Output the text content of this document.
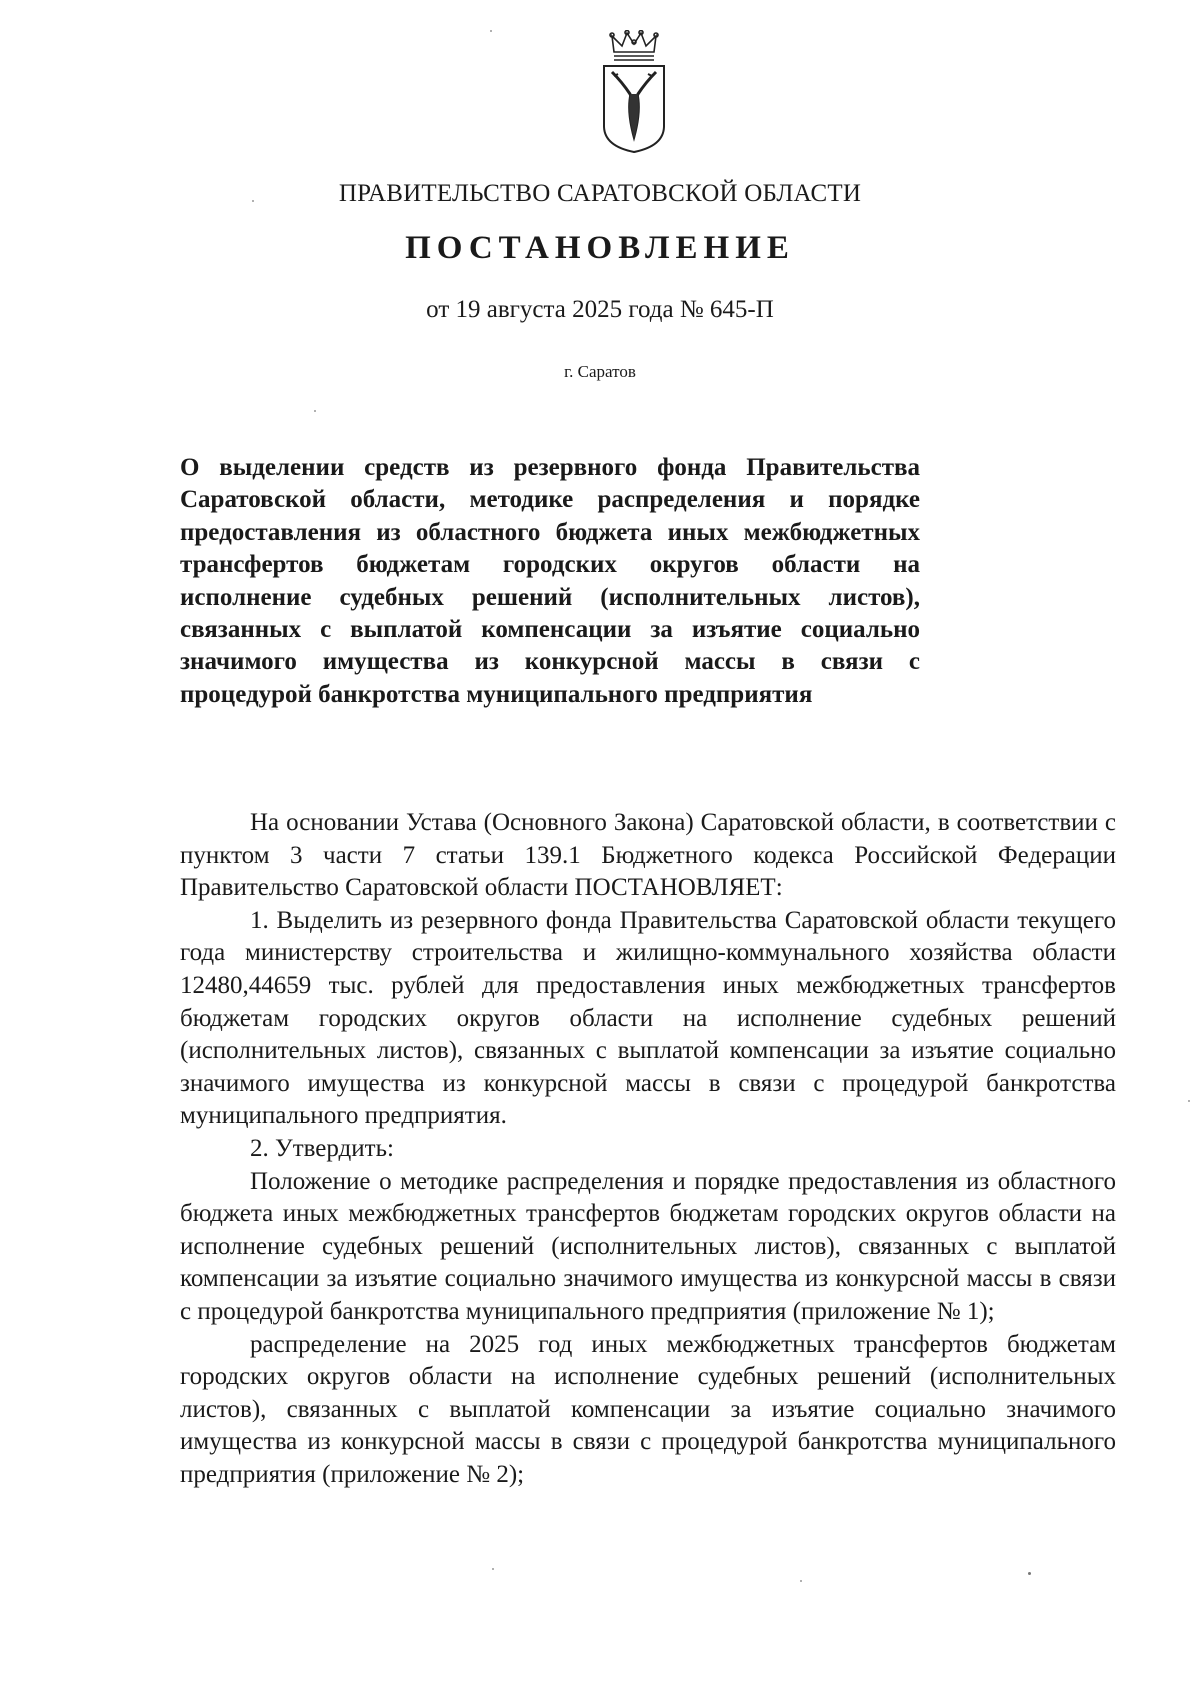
ПРАВИТЕЛЬСТВО САРАТОВСКОЙ ОБЛАСТИ
ПОСТАНОВЛЕНИЕ
от 19 августа 2025 года № 645-П
г. Саратов
О выделении средств из резервного фонда Правительства Саратовской области, методике распределения и порядке предоставления из областного бюджета иных межбюджетных трансфертов бюджетам городских округов области на исполнение судебных решений (исполнительных листов), связанных с выплатой компенсации за изъятие социально значимого имущества из конкурсной массы в связи с процедурой банкротства муниципального предприятия

На основании Устава (Основного Закона) Саратовской области, в соответствии с пунктом 3 части 7 статьи 139.1 Бюджетного кодекса Российской Федерации Правительство Саратовской области ПОСТАНОВЛЯЕТ:

1. Выделить из резервного фонда Правительства Саратовской области текущего года министерству строительства и жилищно-коммунального хозяйства области 12480,44659 тыс. рублей для предоставления иных межбюджетных трансфертов бюджетам городских округов области на исполнение судебных решений (исполнительных листов), связанных с выплатой компенсации за изъятие социально значимого имущества из конкурсной массы в связи с процедурой банкротства муниципального предприятия.

2. Утвердить:

Положение о методике распределения и порядке предоставления из областного бюджета иных межбюджетных трансфертов бюджетам городских округов области на исполнение судебных решений (исполнительных листов), связанных с выплатой компенсации за изъятие социально значимого имущества из конкурсной массы в связи с процедурой банкротства муниципального предприятия (приложение № 1);

распределение на 2025 год иных межбюджетных трансфертов бюджетам городских округов области на исполнение судебных решений (исполнительных листов), связанных с выплатой компенсации за изъятие социально значимого имущества из конкурсной массы в связи с процедурой банкротства муниципального предприятия (приложение № 2);
